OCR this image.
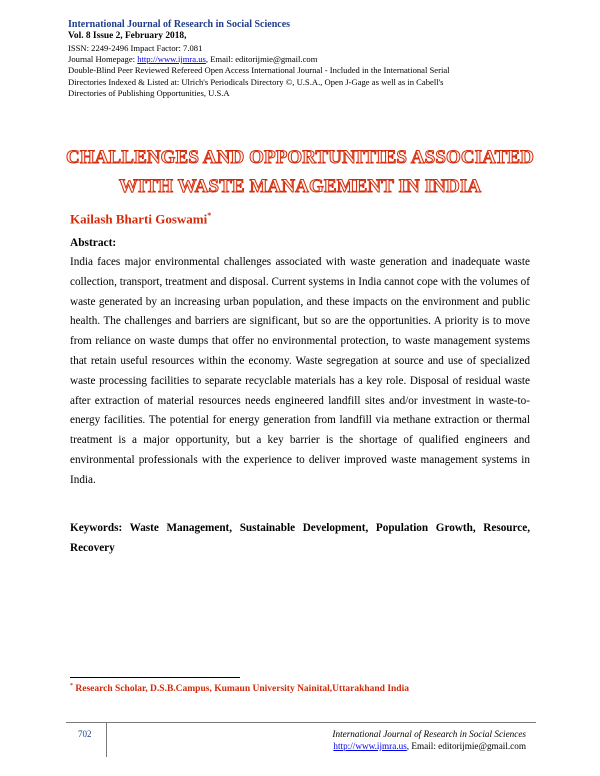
International Journal of Research in Social Sciences
Vol. 8 Issue 2, February 2018,
ISSN: 2249-2496 Impact Factor: 7.081
Journal Homepage: http://www.ijmra.us, Email: editorijmie@gmail.com
Double-Blind Peer Reviewed Refereed Open Access International Journal - Included in the International Serial
Directories Indexed & Listed at: Ulrich's Periodicals Directory ©, U.S.A., Open J-Gage as well as in Cabell's
Directories of Publishing Opportunities, U.S.A
CHALLENGES AND OPPORTUNITIES ASSOCIATED
WITH WASTE MANAGEMENT IN INDIA
Kailash Bharti Goswami*
Abstract:
India faces major environmental challenges associated with waste generation and inadequate waste collection, transport, treatment and disposal. Current systems in India cannot cope with the volumes of waste generated by an increasing urban population, and these impacts on the environment and public health. The challenges and barriers are significant, but so are the opportunities. A priority is to move from reliance on waste dumps that offer no environmental protection, to waste management systems that retain useful resources within the economy. Waste segregation at source and use of specialized waste processing facilities to separate recyclable materials has a key role. Disposal of residual waste after extraction of material resources needs engineered landfill sites and/or investment in waste-to-energy facilities. The potential for energy generation from landfill via methane extraction or thermal treatment is a major opportunity, but a key barrier is the shortage of qualified engineers and environmental professionals with the experience to deliver improved waste management systems in India.
Keywords: Waste Management, Sustainable Development, Population Growth, Resource, Recovery
* Research Scholar, D.S.B.Campus, Kumaun University Nainital,Uttarakhand India
702	International Journal of Research in Social Sciences
http://www.ijmra.us, Email: editorijmie@gmail.com
